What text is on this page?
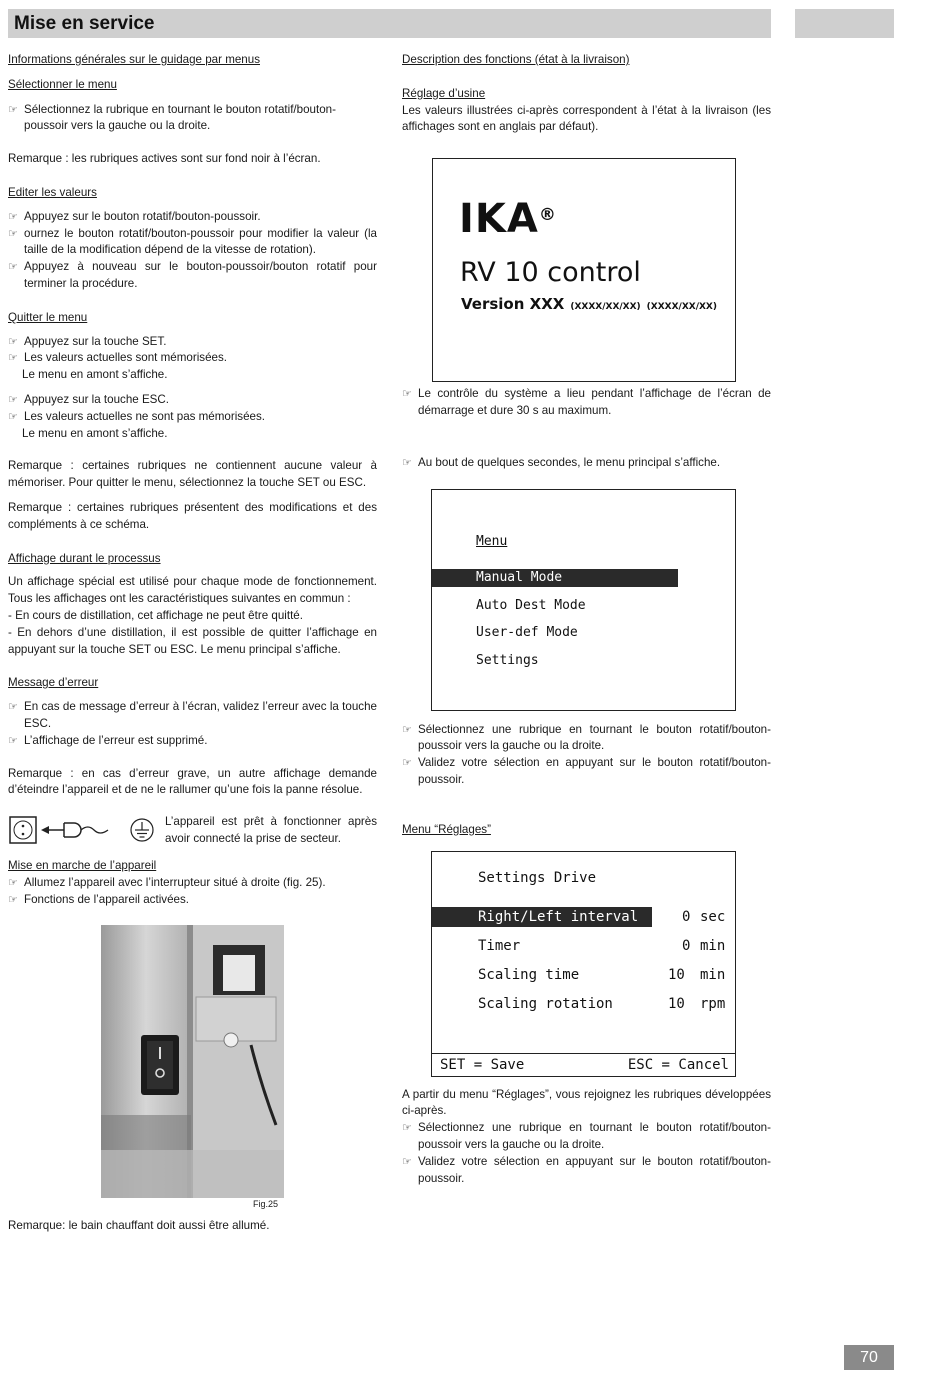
Mise en service

Informations générales sur le guidage par menus

Sélectionner le menu

☞ Sélectionnez la rubrique en tournant le bouton rotatif/bouton-poussoir vers la gauche ou la droite.

Remarque : les rubriques actives sont sur fond noir à l’écran.

Editer les valeurs

☞ Appuyez sur le bouton rotatif/bouton-poussoir.

☞ ournez le bouton rotatif/bouton-poussoir pour modifier la valeur (la taille de la modification dépend de la vitesse de rotation).

☞ Appuyez à nouveau sur le bouton-poussoir/bouton rotatif pour terminer la procédure.

Quitter le menu

☞ Appuyez sur la touche SET.

☞ Les valeurs actuelles sont mémorisées.

Le menu en amont s’affiche.

☞ Appuyez sur la touche ESC.

☞ Les valeurs actuelles ne sont pas mémorisées.

Le menu en amont s’affiche.

Remarque : certaines rubriques ne contiennent aucune valeur à mémoriser. Pour quitter le menu, sélectionnez la touche SET ou ESC.

Remarque : certaines rubriques présentent des modifications et des compléments à ce schéma.

Affichage durant le processus

Un affichage spécial est utilisé pour chaque mode de fonctionnement. Tous les affichages ont les caractéristiques suivantes en commun :

- En cours de distillation, cet affichage ne peut être quitté.

- En dehors d’une distillation, il est possible de quitter l’affichage en appuyant sur la touche SET ou ESC. Le menu principal s’affiche.

Message d’erreur

☞ En cas de message d’erreur à l’écran, validez l’erreur avec la touche ESC.

☞ L’affichage de l’erreur est supprimé.

Remarque : en cas d’erreur grave, un autre affichage demande d’éteindre l’appareil et de ne le rallumer qu’une fois la panne résolue.

L’appareil est prêt à fonctionner après avoir connecté la prise de secteur.

Mise en marche de l’appareil

☞ Allumez l’appareil avec l’interrupteur situé à droite (fig. 25).

☞ Fonctions de l’appareil activées.

Fig.25

Remarque: le bain chauffant doit aussi être allumé.

Description des fonctions (état à la livraison)

Réglage d’usine

Les valeurs illustrées ci-après correspondent à l’état à la livraison (les affichages sont en anglais par défaut).

IKA®
RV 10 control
Version XXX (XXXX/XX/XX) (XXXX/XX/XX)

☞ Le contrôle du système a lieu pendant l’affichage de l’écran de démarrage et dure 30 s au maximum.

☞ Au bout de quelques secondes, le menu principal s’affiche.

Menu
Manual Mode
Auto Dest Mode
User-def Mode
Settings

☞ Sélectionnez une rubrique en tournant le bouton rotatif/bouton-poussoir vers la gauche ou la droite.

☞ Validez votre sélection en appuyant sur le bouton rotatif/bouton-poussoir.

Menu “Réglages”

Settings Drive
Right/Left interval	0 sec
Timer	0 min
Scaling time	10 min
Scaling rotation	10 rpm
SET = Save	ESC = Cancel

A partir du menu “Réglages”, vous rejoignez les rubriques développées ci-après.

☞ Sélectionnez une rubrique en tournant le bouton rotatif/bouton-poussoir vers la gauche ou la droite.

☞ Validez votre sélection en appuyant sur le bouton rotatif/bouton-poussoir.

70
